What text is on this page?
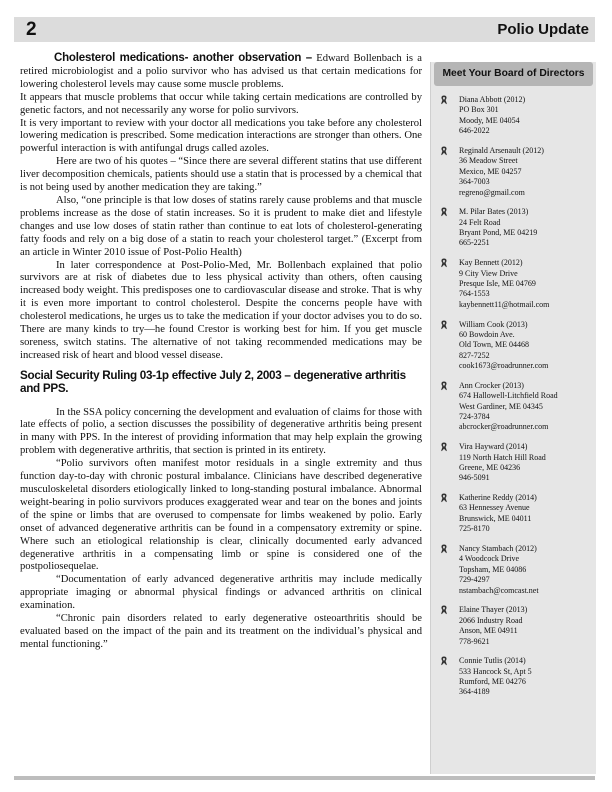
2	Polio Update

Cholesterol medications- another observation – Edward Bollenbach is a retired microbiologist and a polio survivor who has advised us that certain medications for lowering cholesterol levels may cause some muscle problems.

It appears that muscle problems that occur while taking certain medications are controlled by genetic factors, and not necessarily any worse for polio survivors.

It is very important to review with your doctor all medications you take before any cholesterol lowering medication is prescribed. Some medication interactions are stronger than others. One powerful interaction is with antifungal drugs called azoles.

Here are two of his quotes – “Since there are several different statins that use different liver decomposition chemicals, patients should use a statin that is processed by a chemical that is not being used by another medication they are taking.”

Also, “one principle is that low doses of statins rarely cause problems and that muscle problems increase as the dose of statin increases. So it is prudent to make diet and lifestyle changes and use low doses of statin rather than continue to eat lots of cholesterol-generating fatty foods and rely on a big dose of a statin to reach your cholesterol target.” (Excerpt from an article in Winter 2010 issue of Post-Polio Health)

In later correspondence at Post-Polio-Med, Mr. Bollenbach explained that polio survivors are at risk of diabetes due to less physical activity than others, often causing increased body weight. This predisposes one to cardiovascular disease and stroke. That is why it is even more important to control cholesterol. Despite the concerns people have with cholesterol medications, he urges us to take the medication if your doctor advises you to do so. There are many kinds to try—he found Crestor is working best for him. If you get muscle soreness, switch statins. The alternative of not taking recommended medications may be increased risk of heart and blood vessel disease.

Social Security Ruling 03-1p effective July 2, 2003 – degenerative arthritis and PPS.

In the SSA policy concerning the development and evaluation of claims for those with late effects of polio, a section discusses the possibility of degenerative arthritis being present in many with PPS. In the interest of providing information that may help explain the growing problem with degenerative arthritis, that section is printed in its entirety.

“Polio survivors often manifest motor residuals in a single extremity and thus function day-to-day with chronic postural imbalance. Clinicians have described degenerative musculoskeletal disorders etiologically linked to long-standing postural imbalance. Abnormal weight-bearing in polio survivors produces exaggerated wear and tear on the bones and joints of the spine or limbs that are overused to compensate for limbs weakened by polio. Early onset of advanced degenerative arthritis can be found in a compensatory extremity or spine. Where such an etiological relationship is clear, clinically documented early advanced degenerative arthritis in a compensating limb or spine is considered one of the postpoliosequelae.

“Documentation of early advanced degenerative arthritis may include medically appropriate imaging or abnormal physical findings or advanced arthritis on clinical examination.

“Chronic pain disorders related to early degenerative osteoarthritis should be evaluated based on the impact of the pain and its treatment on the individual’s physical and mental functioning.”

Meet Your Board of Directors
Diana Abbott (2012)
PO Box 301
Moody, ME 04054
646-2022
Reginald Arsenault (2012)
36 Meadow Street
Mexico, ME 04257
364-7003
regreno@gmail.com
M. Pilar Bates (2013)
24 Felt Road
Bryant Pond, ME 04219
665-2251
Kay Bennett (2012)
9 City View Drive
Presque Isle, ME 04769
764-1553
kaybennett11@hotmail.com
William Cook (2013)
60 Bowdoin Ave.
Old Town, ME 04468
827-7252
cook1673@roadrunner.com
Ann Crocker (2013)
674 Hallowell-Litchfield Road
West Gardiner, ME 04345
724-3784
abcrocker@roadrunner.com
Vira Hayward (2014)
119 North Hatch Hill Road
Greene, ME 04236
946-5091
Katherine Reddy (2014)
63 Hennessey Avenue
Brunswick, ME 04011
725-8170
Nancy Stambach (2012)
4 Woodcock Drive
Topsham, ME 04086
729-4297
nstambach@comcast.net
Elaine Thayer (2013)
2066 Industry Road
Anson, ME 04911
778-9621
Connie Tutlis (2014)
533 Hancock St, Apt 5
Rumford, ME 04276
364-4189
